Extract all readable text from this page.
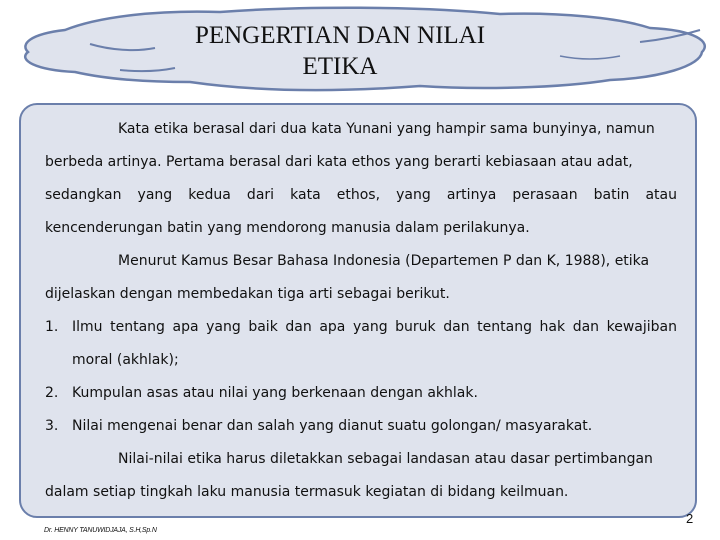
PENGERTIAN DAN NILAI
ETIKA
Kata etika berasal dari dua kata Yunani yang hampir sama bunyinya, namun
berbeda artinya. Pertama berasal dari kata ethos yang berarti kebiasaan atau adat,
sedangkan yang kedua dari kata ethos, yang artinya perasaan batin atau
kencenderungan batin yang mendorong manusia dalam perilakunya.
Menurut Kamus Besar Bahasa Indonesia (Departemen P dan K, 1988), etika
dijelaskan dengan membedakan tiga arti sebagai berikut.
1. Ilmu tentang apa yang baik dan apa yang buruk dan tentang hak dan kewajiban
moral (akhlak);
2. Kumpulan asas atau nilai yang berkenaan dengan akhlak.
3. Nilai mengenai benar dan salah yang dianut suatu golongan/ masyarakat.
Nilai-nilai etika harus diletakkan sebagai landasan atau dasar pertimbangan
dalam setiap tingkah laku manusia termasuk kegiatan di bidang keilmuan.
Dr. HENNY TANUWIDJAJA, S.H,Sp.N
2
